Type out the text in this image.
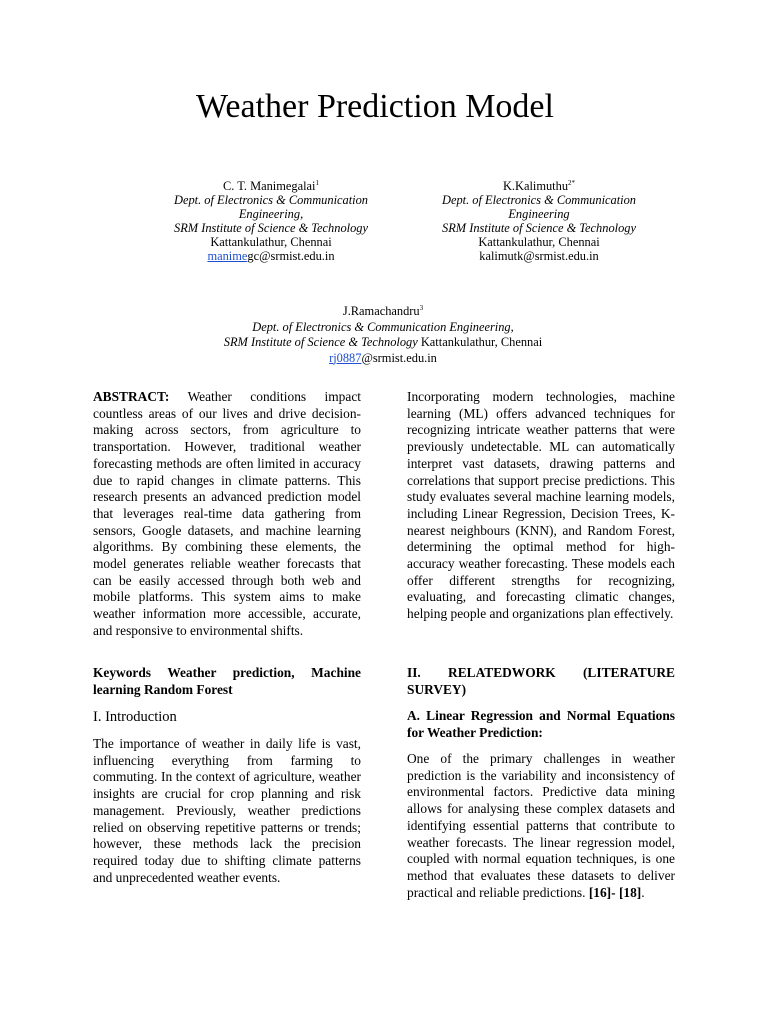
Weather Prediction Model
C. T. Manimegalai$^1$
Dept. of Electronics & Communication
Engineering,
SRM Institute of Science & Technology
Kattankulathur, Chennai
manimegc@srmist.edu.in
K.Kalimuthu$^{2*}$
Dept. of Electronics & Communication
Engineering
SRM Institute of Science & Technology
Kattankulathur, Chennai
kalimutk@srmist.edu.in
J.Ramachandru$^3$
Dept. of Electronics & Communication Engineering,
SRM Institute of Science & Technology Kattankulathur, Chennai
rj0887@srmist.edu.in

ABSTRACT: Weather conditions impact countless areas of our lives and drive decision-making across sectors, from agriculture to transportation. However, traditional weather forecasting methods are often limited in accuracy due to rapid changes in climate patterns. This research presents an advanced prediction model that leverages real-time data gathering from sensors, Google datasets, and machine learning algorithms. By combining these elements, the model generates reliable weather forecasts that can be easily accessed through both web and mobile platforms. This system aims to make weather information more accessible, accurate, and responsive to environmental shifts.

Keywords Weather prediction, Machine learning Random Forest

I. Introduction

The importance of weather in daily life is vast, influencing everything from farming to commuting. In the context of agriculture, weather insights are crucial for crop planning and risk management. Previously, weather predictions relied on observing repetitive patterns or trends; however, these methods lack the precision required today due to shifting climate patterns and unprecedented weather events.

Incorporating modern technologies, machine learning (ML) offers advanced techniques for recognizing intricate weather patterns that were previously undetectable. ML can automatically interpret vast datasets, drawing patterns and correlations that support precise predictions. This study evaluates several machine learning models, including Linear Regression, Decision Trees, K-nearest neighbours (KNN), and Random Forest, determining the optimal method for high-accuracy weather forecasting. These models each offer different strengths for recognizing, evaluating, and forecasting climatic changes, helping people and organizations plan effectively.

II. RELATEDWORK (LITERATURE SURVEY)

A. Linear Regression and Normal Equations for Weather Prediction:

One of the primary challenges in weather prediction is the variability and inconsistency of environmental factors. Predictive data mining allows for analysing these complex datasets and identifying essential patterns that contribute to weather forecasts. The linear regression model, coupled with normal equation techniques, is one method that evaluates these datasets to deliver practical and reliable predictions. [16]- [18].
